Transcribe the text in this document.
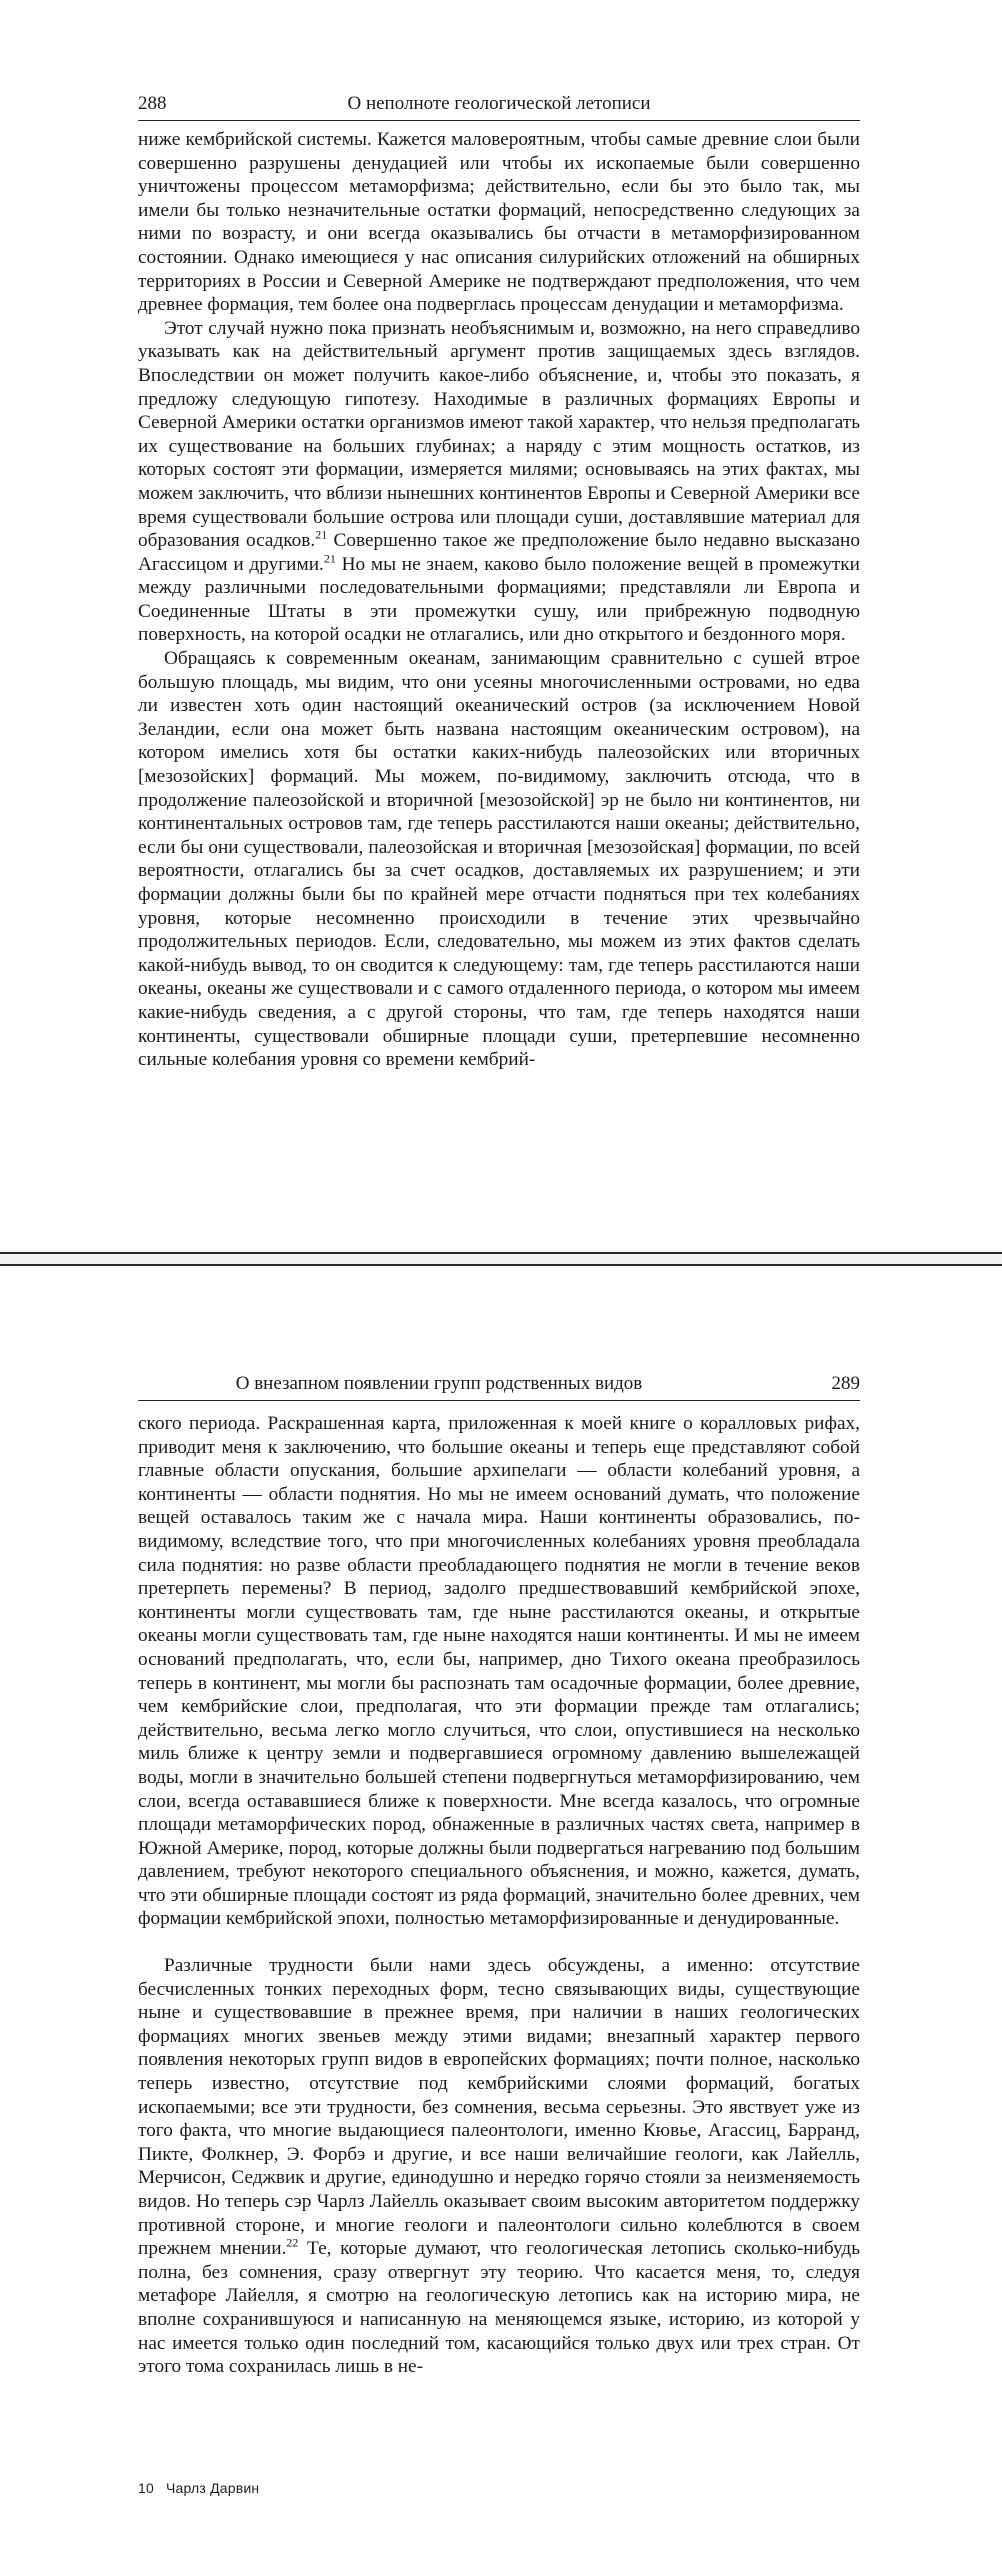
288	О неполноте геологической летописи

ниже кембрийской системы. Кажется маловероятным, чтобы самые древние слои были совершенно разрушены денудацией или чтобы их ископаемые были совершенно уничтожены процессом метаморфизма; действительно, если бы это было так, мы имели бы только незначительные остатки формаций, непосредственно следующих за ними по возрасту, и они всегда оказывались бы отчасти в метаморфизированном состоянии. Однако имеющиеся у нас описания силурийских отложений на обширных территориях в России и Северной Америке не подтверждают предположения, что чем древнее формация, тем более она подверглась процессам денудации и метаморфизма.

Этот случай нужно пока признать необъяснимым и, возможно, на него справедливо указывать как на действительный аргумент против защищаемых здесь взглядов. Впоследствии он может получить какое-либо объяснение, и, чтобы это показать, я предложу следующую гипотезу. Находимые в различных формациях Европы и Северной Америки остатки организмов имеют такой характер, что нельзя предполагать их существование на больших глубинах; а наряду с этим мощность остатков, из которых состоят эти формации, измеряется милями; основываясь на этих фактах, мы можем заключить, что вблизи нынешних континентов Европы и Северной Америки все время существовали большие острова или площади суши, доставлявшие материал для образования осадков.$^{21}$ Совершенно такое же предположение было недавно высказано Агассицом и другими.$^{21}$ Но мы не знаем, каково было положение вещей в промежутки между различными последовательными формациями; представляли ли Европа и Соединенные Штаты в эти промежутки сушу, или прибрежную подводную поверхность, на которой осадки не отлагались, или дно открытого и бездонного моря.

Обращаясь к современным океанам, занимающим сравнительно с сушей втрое большую площадь, мы видим, что они усеяны многочисленными островами, но едва ли известен хоть один настоящий океанический остров (за исключением Новой Зеландии, если она может быть названа настоящим океаническим островом), на котором имелись хотя бы остатки каких-нибудь палеозойских или вторичных [мезозойских] формаций. Мы можем, по-видимому, заключить отсюда, что в продолжение палеозойской и вторичной [мезозойской] эр не было ни континентов, ни континентальных островов там, где теперь расстилаются наши океаны; действительно, если бы они существовали, палеозойская и вторичная [мезозойская] формации, по всей вероятности, отлагались бы за счет осадков, доставляемых их разрушением; и эти формации должны были бы по крайней мере отчасти подняться при тех колебаниях уровня, которые несомненно происходили в течение этих чрезвычайно продолжительных периодов. Если, следовательно, мы можем из этих фактов сделать какой-нибудь вывод, то он сводится к следующему: там, где теперь расстилаются наши океаны, океаны же существовали и с самого отдаленного периода, о котором мы имеем какие-нибудь сведения, а с другой стороны, что там, где теперь находятся наши континенты, существовали обширные площади суши, претерпевшие несомненно сильные колебания уровня со времени кембрий-

О внезапном появлении групп родственных видов	289

ского периода. Раскрашенная карта, приложенная к моей книге о коралловых рифах, приводит меня к заключению, что большие океаны и теперь еще представляют собой главные области опускания, большие архипелаги — области колебаний уровня, а континенты — области поднятия. Но мы не имеем оснований думать, что положение вещей оставалось таким же с начала мира. Наши континенты образовались, по-видимому, вследствие того, что при многочисленных колебаниях уровня преобладала сила поднятия: но разве области преобладающего поднятия не могли в течение веков претерпеть перемены? В период, задолго предшествовавший кембрийской эпохе, континенты могли существовать там, где ныне расстилаются океаны, и открытые океаны могли существовать там, где ныне находятся наши континенты. И мы не имеем оснований предполагать, что, если бы, например, дно Тихого океана преобразилось теперь в континент, мы могли бы распознать там осадочные формации, более древние, чем кембрийские слои, предполагая, что эти формации прежде там отлагались; действительно, весьма легко могло случиться, что слои, опустившиеся на несколько миль ближе к центру земли и подвергавшиеся огромному давлению вышележащей воды, могли в значительно большей степени подвергнуться метаморфизированию, чем слои, всегда остававшиеся ближе к поверхности. Мне всегда казалось, что огромные площади метаморфических пород, обнаженные в различных частях света, например в Южной Америке, пород, которые должны были подвергаться нагреванию под большим давлением, требуют некоторого специального объяснения, и можно, кажется, думать, что эти обширные площади состоят из ряда формаций, значительно более древних, чем формации кембрийской эпохи, полностью метаморфизированные и денудированные.

Различные трудности были нами здесь обсуждены, а именно: отсутствие бесчисленных тонких переходных форм, тесно связывающих виды, существующие ныне и существовавшие в прежнее время, при наличии в наших геологических формациях многих звеньев между этими видами; внезапный характер первого появления некоторых групп видов в европейских формациях; почти полное, насколько теперь известно, отсутствие под кембрийскими слоями формаций, богатых ископаемыми; все эти трудности, без сомнения, весьма серьезны. Это явствует уже из того факта, что многие выдающиеся палеонтологи, именно Кювье, Агассиц, Барранд, Пикте, Фолкнер, Э. Форбэ и другие, и все наши величайшие геологи, как Лайелль, Мерчисон, Седжвик и другие, единодушно и нередко горячо стояли за неизменяемость видов. Но теперь сэр Чарлз Лайелль оказывает своим высоким авторитетом поддержку противной стороне, и многие геологи и палеонтологи сильно колеблются в своем прежнем мнении.$^{22}$ Те, которые думают, что геологическая летопись сколько-нибудь полна, без сомнения, сразу отвергнут эту теорию. Что касается меня, то, следуя метафоре Лайелля, я смотрю на геологическую летопись как на историю мира, не вполне сохранившуюся и написанную на меняющемся языке, историю, из которой у нас имеется только один последний том, касающийся только двух или трех стран. От этого тома сохранилась лишь в не-

10 Чарлз Дарвин
